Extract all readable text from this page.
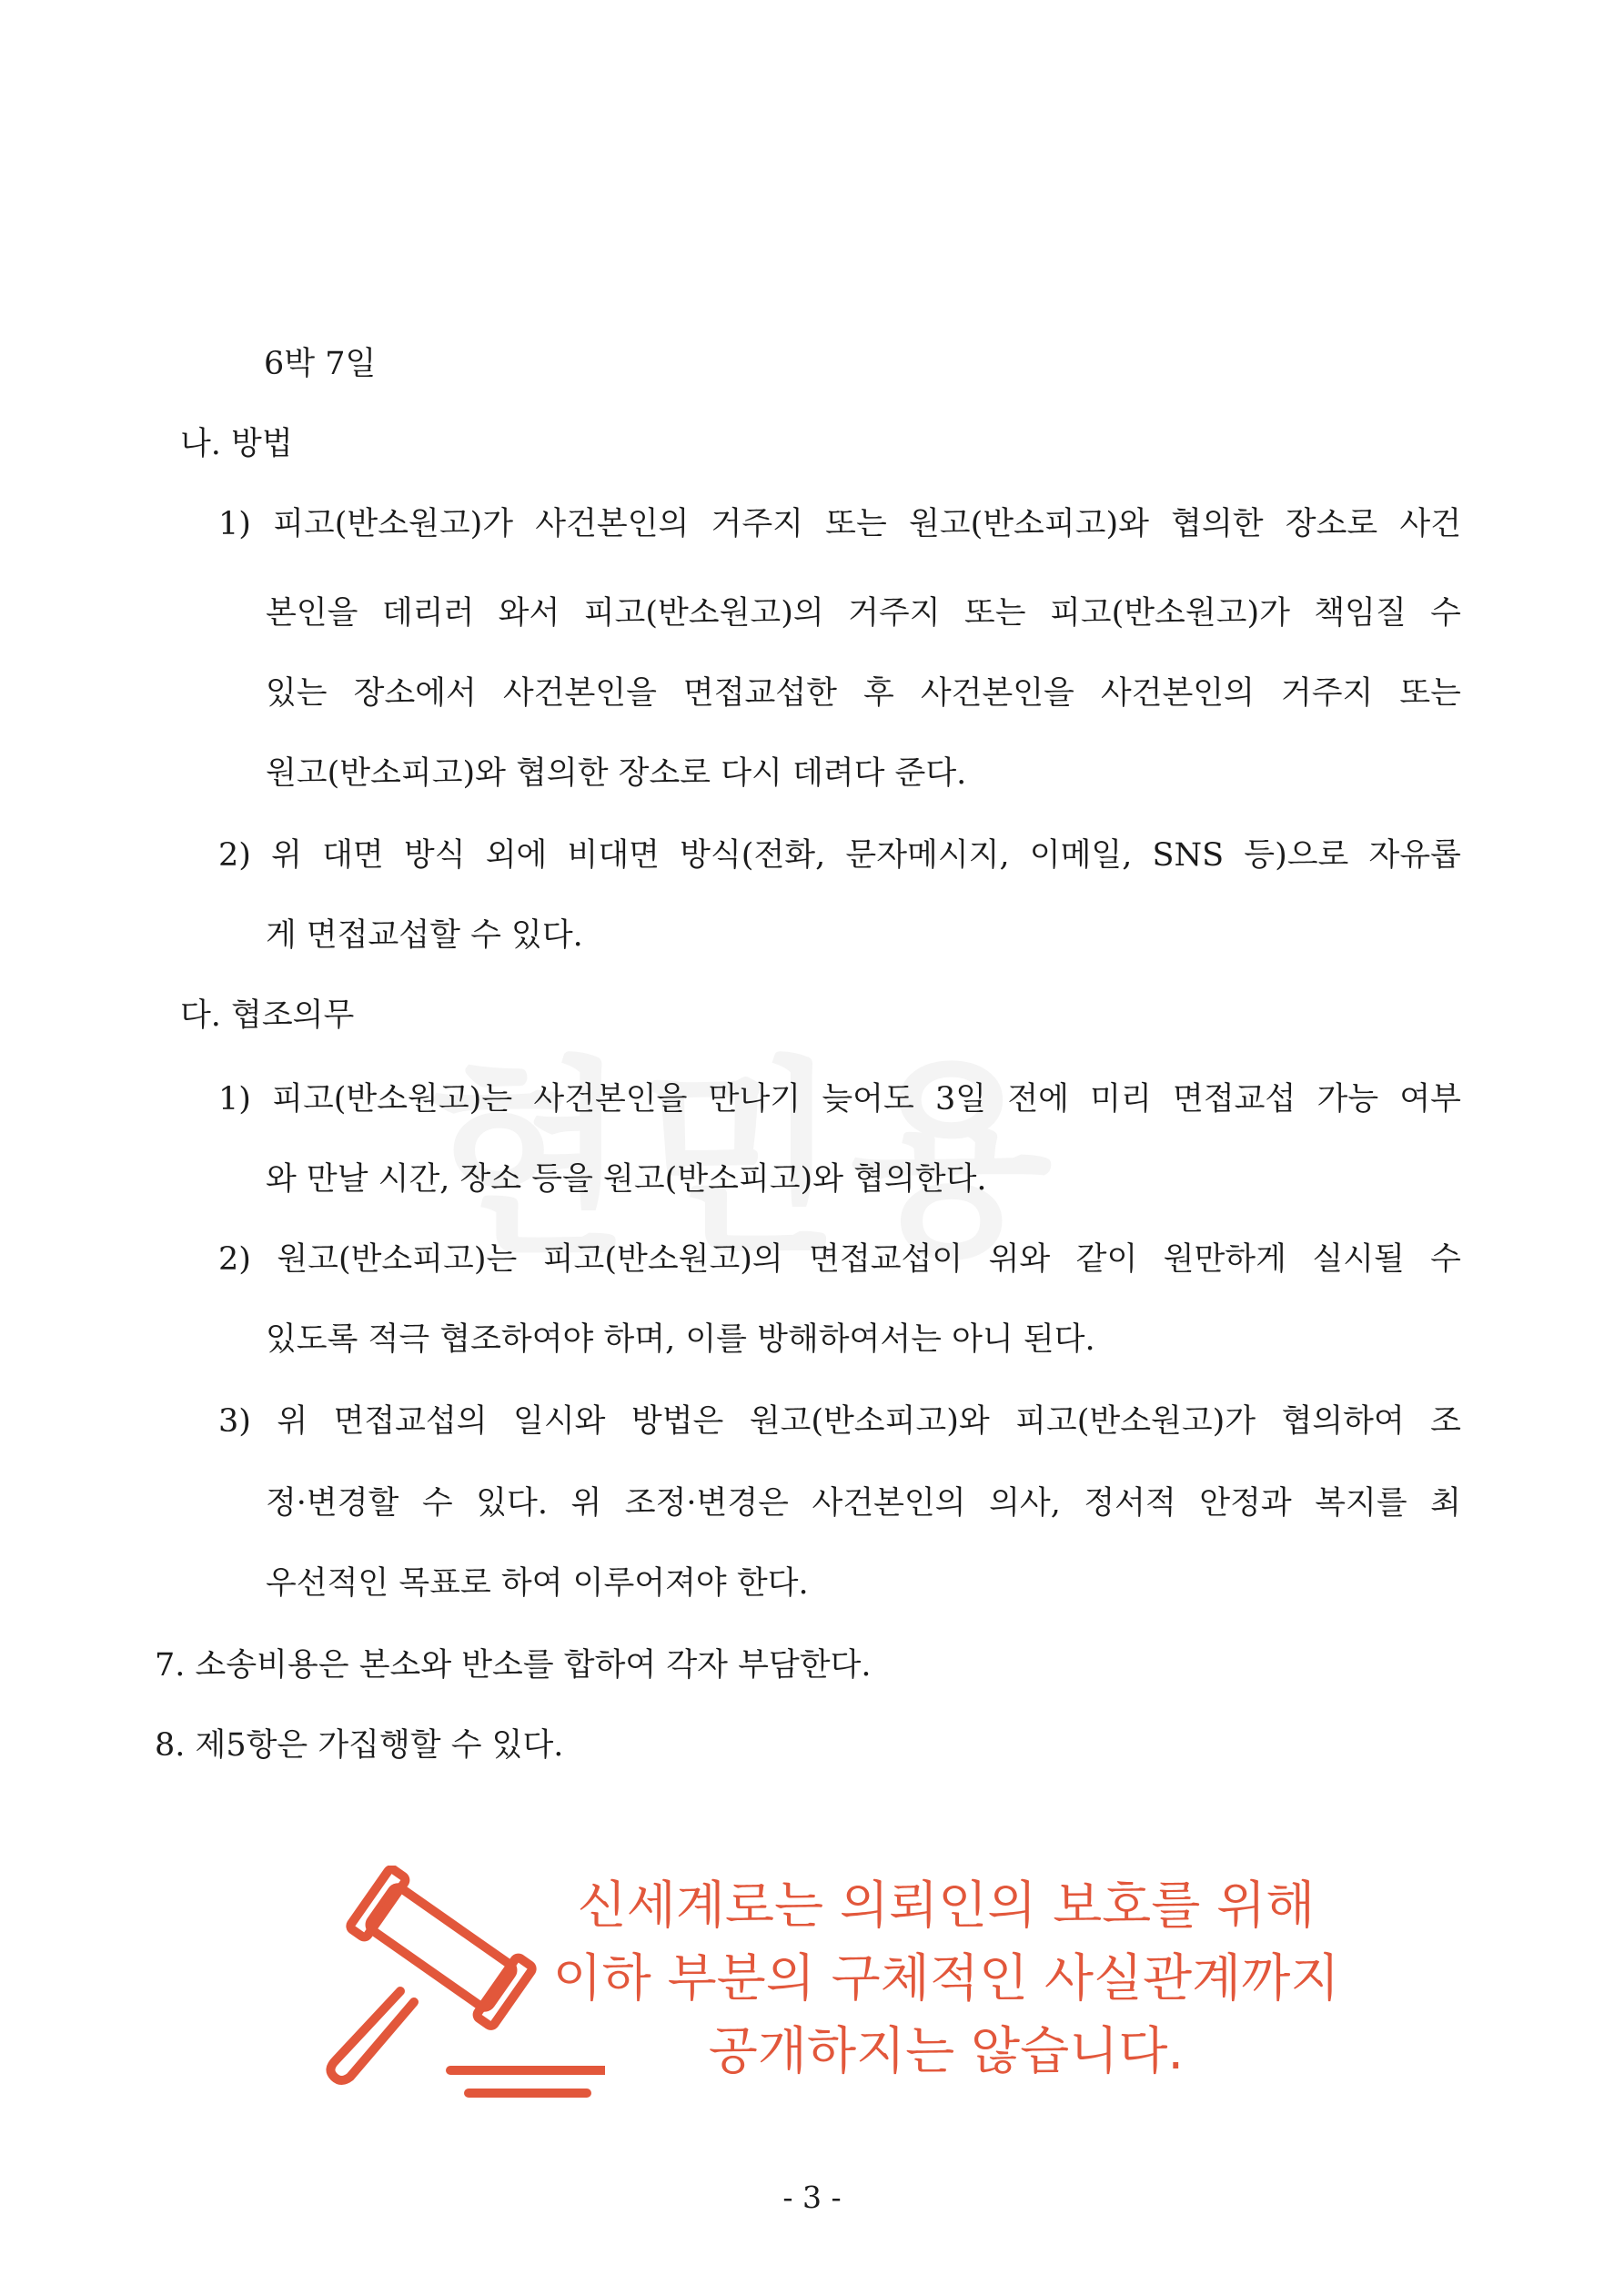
6박 7일

나. 방법

1) 피고(반소원고)가 사건본인의 거주지 또는 원고(반소피고)와 협의한 장소로 사건

본인을 데리러 와서 피고(반소원고)의 거주지 또는 피고(반소원고)가 책임질 수

있는 장소에서 사건본인을 면접교섭한 후 사건본인을 사건본인의 거주지 또는

원고(반소피고)와 협의한 장소로 다시 데려다 준다.

2) 위 대면 방식 외에 비대면 방식(전화, 문자메시지, 이메일, SNS 등)으로 자유롭

게 면접교섭할 수 있다.

다. 협조의무

1) 피고(반소원고)는 사건본인을 만나기 늦어도 3일 전에 미리 면접교섭 가능 여부

와 만날 시간, 장소 등을 원고(반소피고)와 협의한다.

2) 원고(반소피고)는 피고(반소원고)의 면접교섭이 위와 같이 원만하게 실시될 수

있도록 적극 협조하여야 하며, 이를 방해하여서는 아니 된다.

3) 위 면접교섭의 일시와 방법은 원고(반소피고)와 피고(반소원고)가 협의하여 조

정·변경할 수 있다. 위 조정·변경은 사건본인의 의사, 정서적 안정과 복지를 최

우선적인 목표로 하여 이루어져야 한다.

7. 소송비용은 본소와 반소를 합하여 각자 부담한다.

8. 제5항은 가집행할 수 있다.

신세계로는 의뢰인의 보호를 위해
이하 부분의 구체적인 사실관계까지
공개하지는 않습니다.
- 3 -
